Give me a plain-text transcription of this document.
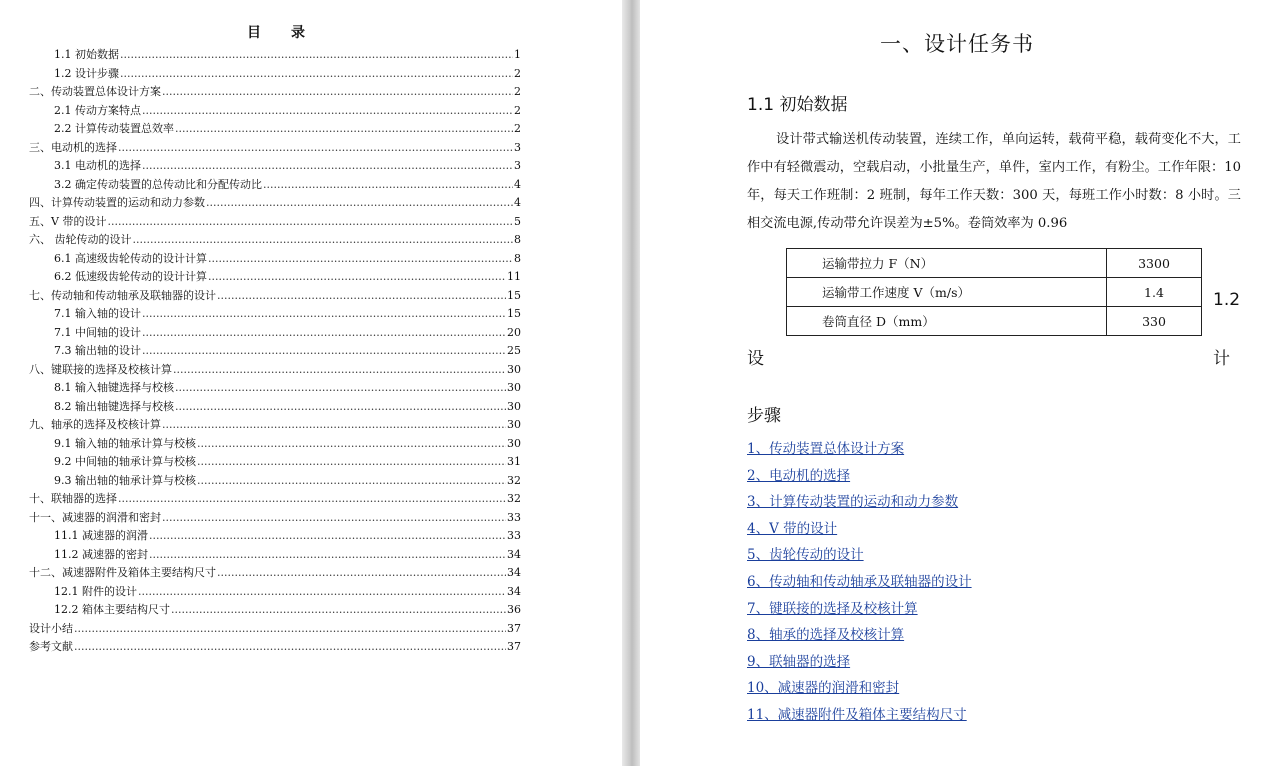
目 录
1.1 初始数据 .....	1
1.2 设计步骤 .....	2
二、传动装置总体设计方案 .....	2
2.1 传动方案特点 .....	2
2.2 计算传动装置总效率 .....	2
三、电动机的选择 .....	3
3.1 电动机的选择 .....	3
3.2 确定传动装置的总传动比和分配传动比 .....	4
四、计算传动装置的运动和动力参数 .....	4
五、V 带的设计 .....	5
六、 齿轮传动的设计 .....	8
6.1 高速级齿轮传动的设计计算 .....	8
6.2 低速级齿轮传动的设计计算 .....	11
七、传动轴和传动轴承及联轴器的设计 .....	15
7.1 输入轴的设计 .....	15
7.1 中间轴的设计 .....	20
7.3 输出轴的设计 .....	25
八、键联接的选择及校核计算 .....	30
8.1 输入轴键选择与校核 .....	30
8.2 输出轴键选择与校核 .....	30
九、轴承的选择及校核计算 .....	30
9.1 输入轴的轴承计算与校核 .....	30
9.2 中间轴的轴承计算与校核 .....	31
9.3 输出轴的轴承计算与校核 .....	32
十、联轴器的选择 .....	32
十一、减速器的润滑和密封 .....	33
11.1 减速器的润滑 .....	33
11.2 减速器的密封 .....	34
十二、减速器附件及箱体主要结构尺寸 .....	34
12.1 附件的设计 .....	34
12.2 箱体主要结构尺寸 .....	36
设计小结 .....	37
参考文献 .....	37
一、设计任务书
1.1 初始数据
设计带式输送机传动装置，连续工作，单向运转，载荷平稳，载荷变化不大，工作中有轻微震动，空载启动，小批量生产，单件，室内工作，有粉尘。工作年限：10 年，每天工作班制：2 班制，每年工作天数：300 天，每班工作小时数：8 小时。三相交流电源,传动带允许误差为±5%。卷筒效率为 0.96
运输带拉力 F（N）	3300
运输带工作速度 V（m/s）	1.4
卷筒直径 D（mm）	330
1.2
设	计
步骤
1、传动装置总体设计方案
2、电动机的选择
3、计算传动装置的运动和动力参数
4、V 带的设计
5、齿轮传动的设计
6、传动轴和传动轴承及联轴器的设计
7、键联接的选择及校核计算
8、轴承的选择及校核计算
9、联轴器的选择
10、减速器的润滑和密封
11、减速器附件及箱体主要结构尺寸
